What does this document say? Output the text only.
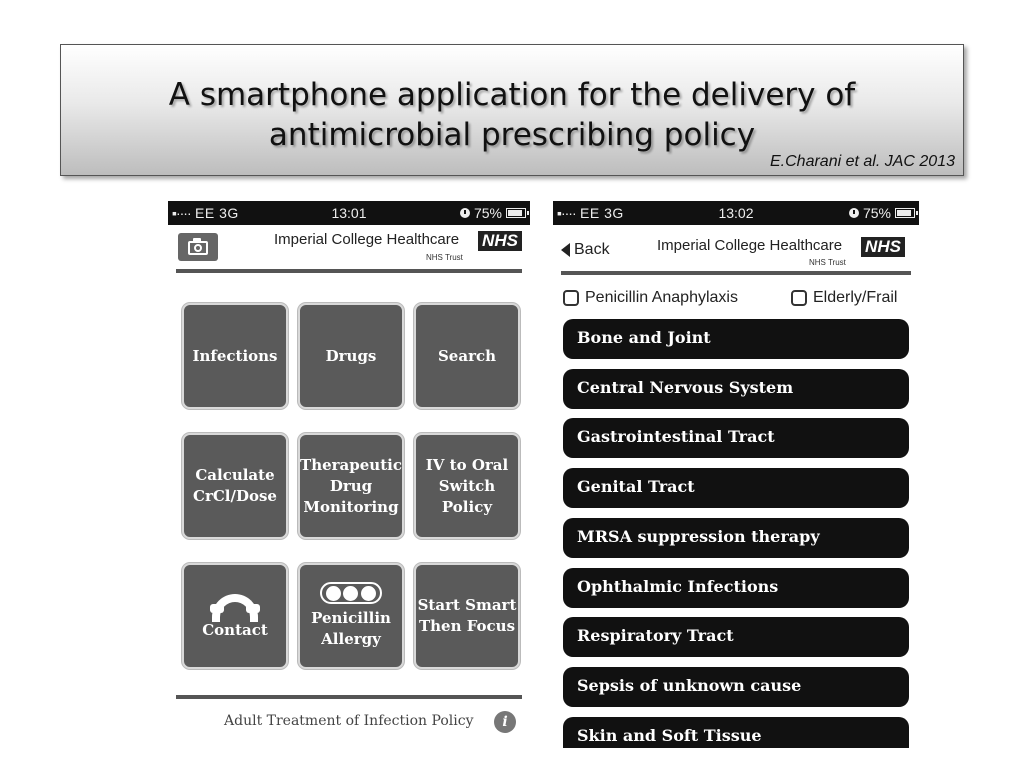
A smartphone application for the delivery of
antimicrobial prescribing policy
E.Charani et al. JAC 2013
▪···· EE 3G	13:01	75%
Imperial College Healthcare NHS
NHS Trust
Infections	Drugs	Search
Calculate
CrCl/Dose
Therapeutic
Drug
Monitoring
IV to Oral
Switch
Policy
Contact
Penicillin
Allergy
Start Smart
Then Focus
Adult Treatment of Infection Policy	i
▪···· EE 3G	13:02	75%
Back	Imperial College Healthcare NHS
NHS Trust
Penicillin Anaphylaxis	Elderly/Frail
Bone and Joint
Central Nervous System
Gastrointestinal Tract
Genital Tract
MRSA suppression therapy
Ophthalmic Infections
Respiratory Tract
Sepsis of unknown cause
Skin and Soft Tissue
